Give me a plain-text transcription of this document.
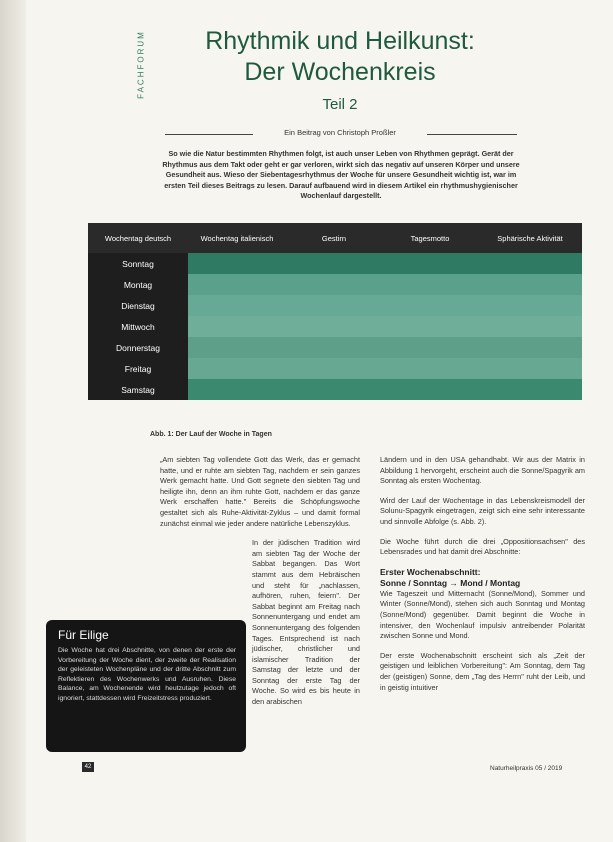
FACHFORUM	Rhythmik und Heilkunst:
Der Wochenkreis
Teil 2
Ein Beitrag von Christoph Proßler
So wie die Natur bestimmten Rhythmen folgt, ist auch unser Leben von Rhythmen geprägt. Gerät der Rhythmus aus dem Takt oder geht er gar verloren, wirkt sich das negativ auf unseren Körper und unsere Gesundheit aus. Wieso der Siebentagesrhythmus der Woche für unsere Gesundheit wichtig ist, war im ersten Teil dieses Beitrags zu lesen. Darauf aufbauend wird in diesem Artikel ein rhythmushygienischer Wochenlauf dargestellt.
Wochentag deutsch	Wochentag italienisch	Gestirn	Tagesmotto	Sphärische Aktivität
Sonntag
Montag
Dienstag
Mittwoch
Donnerstag
Freitag
Samstag
Abb. 1: Der Lauf der Woche in Tagen

„Am siebten Tag vollendete Gott das Werk, das er gemacht hatte, und er ruhte am siebten Tag, nachdem er sein ganzes Werk gemacht hatte. Und Gott segnete den siebten Tag und heiligte ihn, denn an ihm ruhte Gott, nachdem er das ganze Werk erschaffen hatte." Bereits die Schöpfungswoche gestaltet sich als Ruhe-Aktivität-Zyklus – und damit formal zunächst einmal wie jeder andere natürliche Lebenszyklus.

In der jüdischen Tradition wird am siebten Tag der Woche der Sabbat begangen. Das Wort stammt aus dem Hebräischen und steht für „nachlassen, aufhören, ruhen, feiern". Der Sabbat beginnt am Freitag nach Sonnenuntergang und endet am Sonnenuntergang des folgenden Tages. Entsprechend ist nach jüdischer, christlicher und islamischer Tradition der Samstag der letzte und der Sonntag der erste Tag der Woche. So wird es bis heute in den arabischen

Ländern und in den USA gehandhabt. Wir aus der Matrix in Abbildung 1 hervorgeht, erscheint auch die Sonne/Spagyrik am Sonntag als ersten Wochentag.

Wird der Lauf der Wochentage in das Lebenskreismodell der Solunu-Spagyrik eingetragen, zeigt sich eine sehr interessante und sinnvolle Abfolge (s. Abb. 2).

Die Woche führt durch die drei „Oppositionsachsen" des Lebensrades und hat damit drei Abschnitte:

Erster Wochenabschnitt:
Sonne / Sonntag → Mond / Montag

Wie Tageszeit und Mitternacht (Sonne/Mond), Sommer und Winter (Sonne/Mond), stehen sich auch Sonntag und Montag (Sonne/Mond) gegenüber. Damit beginnt die Woche in intensiver, den Wochenlauf impulsiv antreibender Polarität zwischen Sonne und Mond.

Der erste Wochenabschnitt erscheint sich als „Zeit der geistigen und leiblichen Vorbereitung": Am Sonntag, dem Tag der (geistigen) Sonne, dem „Tag des Herrn" ruht der Leib, und in geistig intuitiver

Für Eilige

Die Woche hat drei Abschnitte, von denen der erste der Vorbereitung der Woche dient, der zweite der Realisation der geleisteten Wochenpläne und der dritte Abschnitt zum Reflektieren des Wochenwerks und Ausruhen. Diese Balance, am Wochenende wird heutzutage jedoch oft ignoriert, stattdessen wird Freizeitstress produziert.

42	Naturheilpraxis 05 / 2019
